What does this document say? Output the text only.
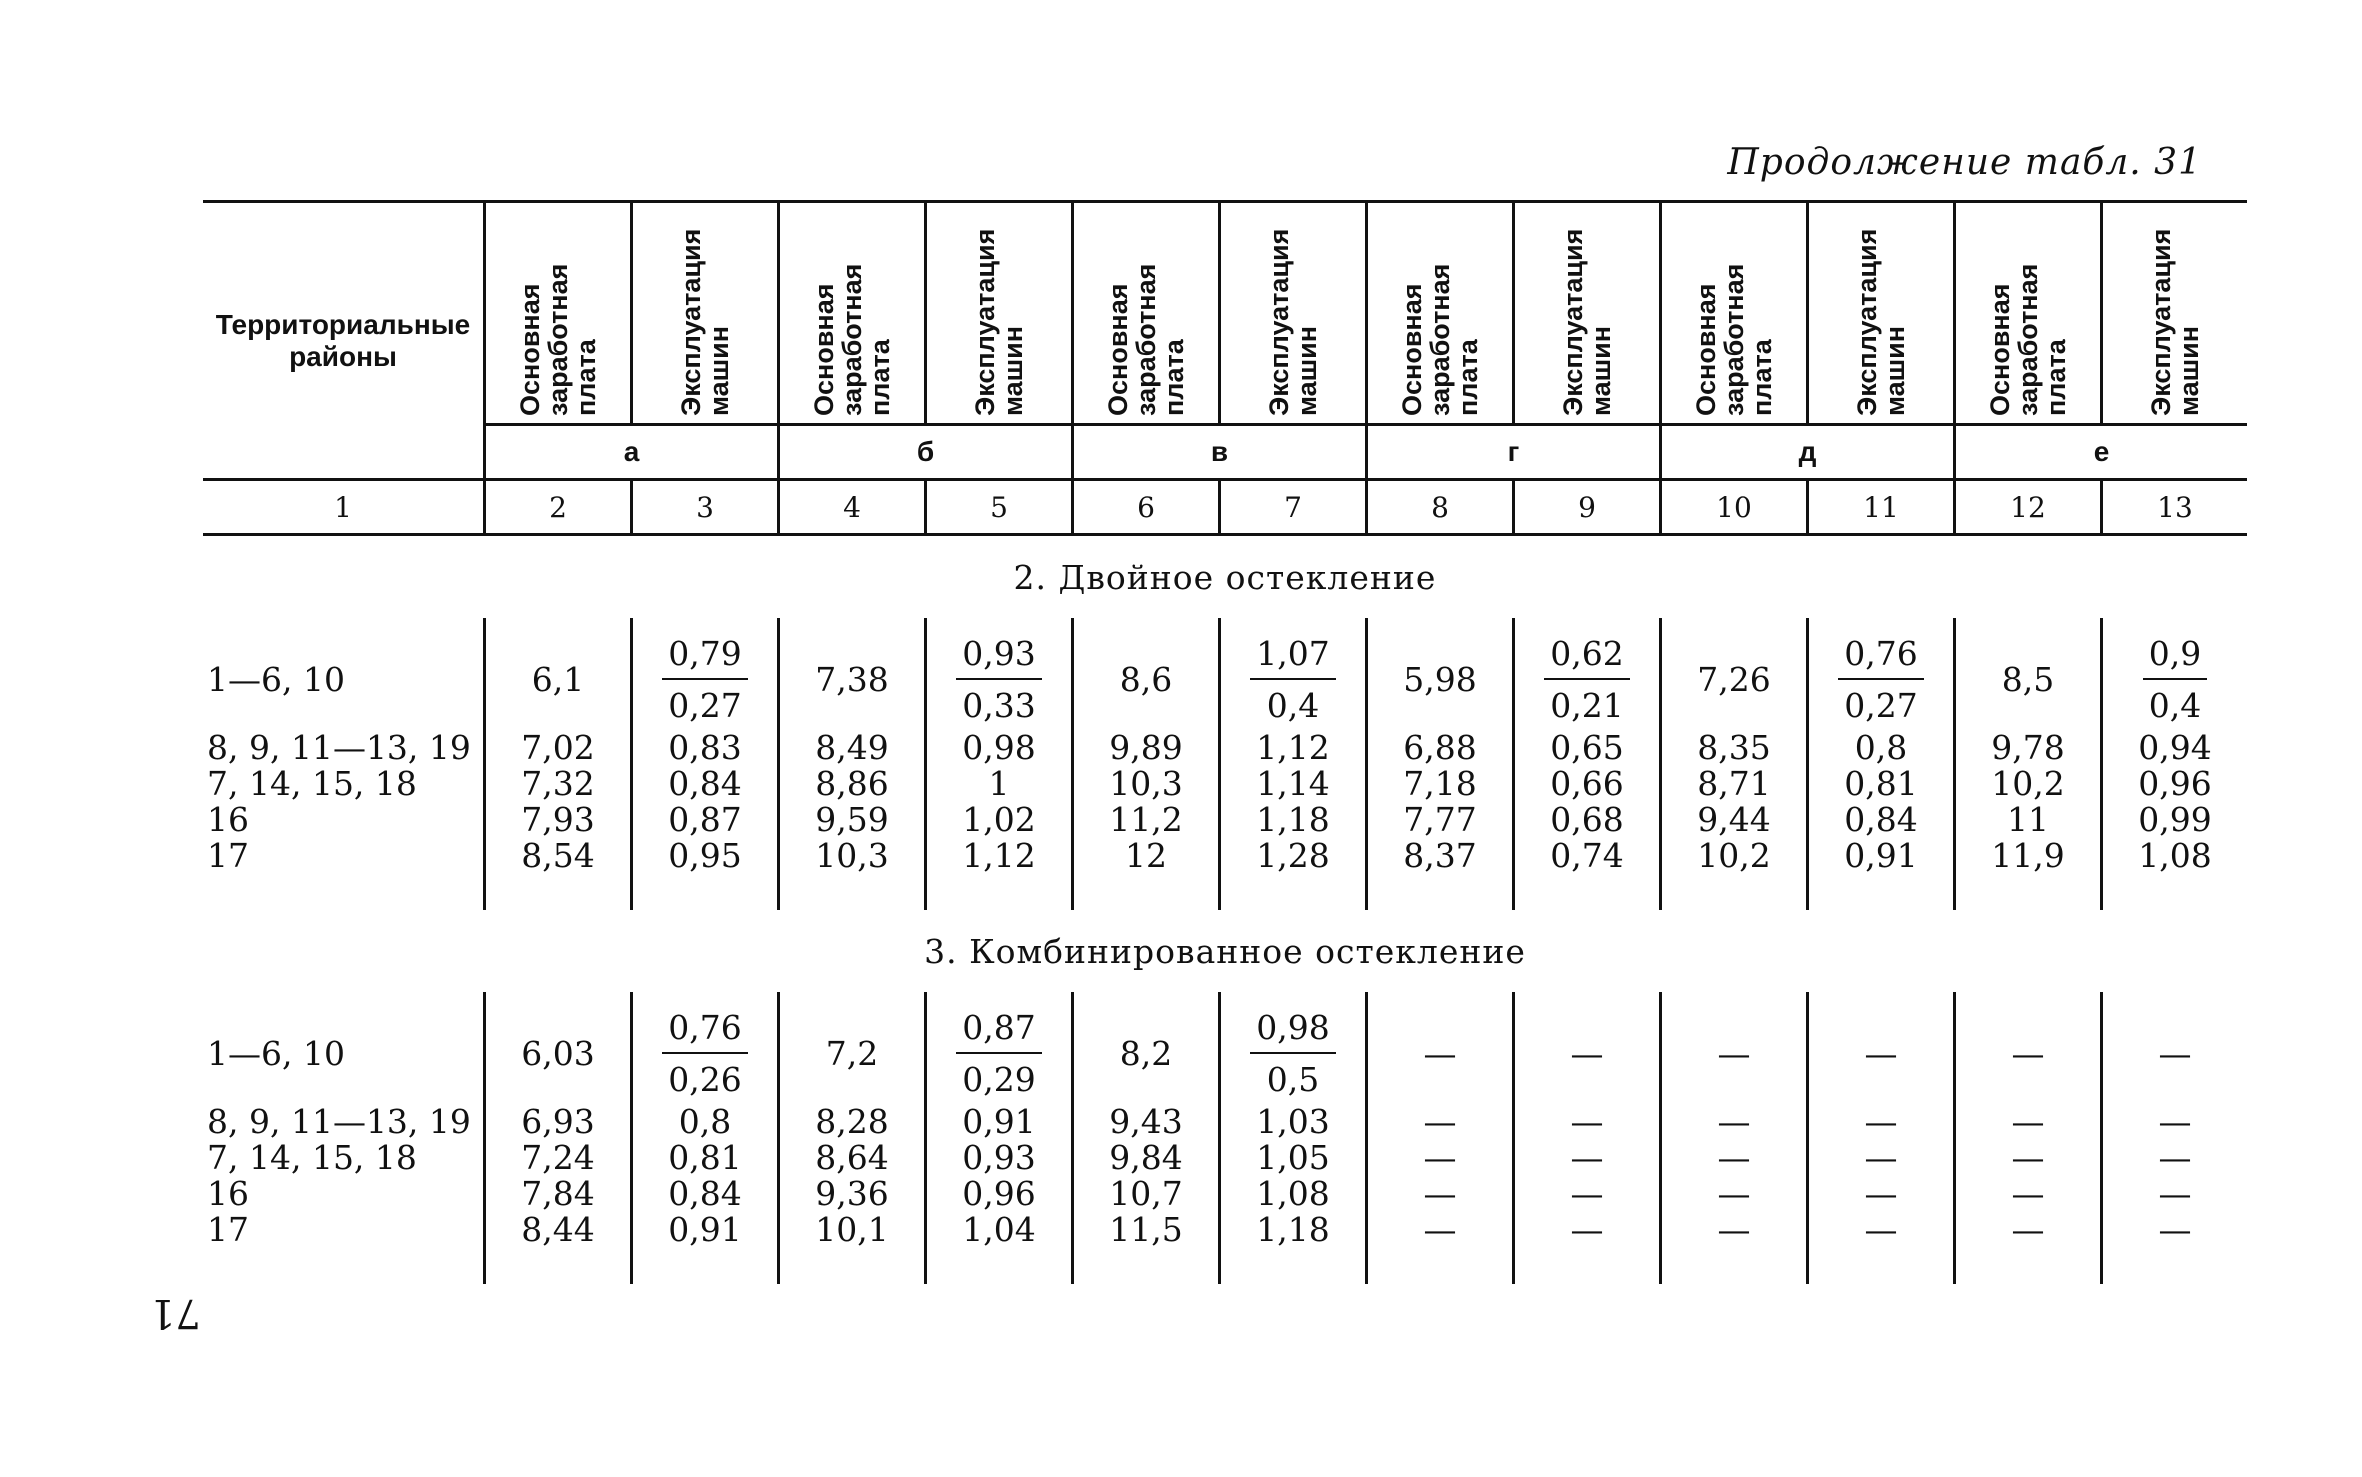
Продолжение табл. 31
71
Территориальные районы	Основная заработная плата	Эксплуатация машин	Основная заработная плата	Эксплуатация машин	Основная заработная плата	Эксплуатация машин	Основная заработная плата	Эксплуатация машин	Основная заработная плата	Эксплуатация машин	Основная заработная плата	Эксплуатация машин

	а		б		в		г		д		е	
1	2	3	4	5	6	7	8	9	10	11	12	13
2. Двойное остекление												

1—6, 10	6,1	$\frac{0,79}{0,27}$	7,38	$\frac{0,93}{0,33}$	8,6	$\frac{1,07}{0,4}$	5,98	$\frac{0,62}{0,21}$	7,26	$\frac{0,76}{0,27}$	8,5	$\frac{0,9}{0,4}$

8, 9, 11—13, 19	7,02	0,83	8,49	0,98	9,89	1,12	6,88	0,65	8,35	0,8	9,78	0,94
7, 14, 15, 18	7,32	0,84	8,86	1	10,3	1,14	7,18	0,66	8,71	0,81	10,2	0,96
16	7,93	0,87	9,59	1,02	11,2	1,18	7,77	0,68	9,44	0,84	11	0,99
17	8,54	0,95	10,3	1,12	12	1,28	8,37	0,74	10,2	0,91	11,9	1,08

3. Комбинированное остекление												

1—6, 10	6,03	$\frac{0,76}{0,26}$	7,2	$\frac{0,87}{0,29}$	8,2	$\frac{0,98}{0,5}$	—	—	—	—	—	—
8, 9, 11—13, 19	6,93	0,8	8,28	0,91	9,43	1,03	—	—	—	—	—	—
7, 14, 15, 18	7,24	0,81	8,64	0,93	9,84	1,05	—	—	—	—	—	—
16	7,84	0,84	9,36	0,96	10,7	1,08	—	—	—	—	—	—
17	8,44	0,91	10,1	1,04	11,5	1,18	—	—	—	—	—	—
